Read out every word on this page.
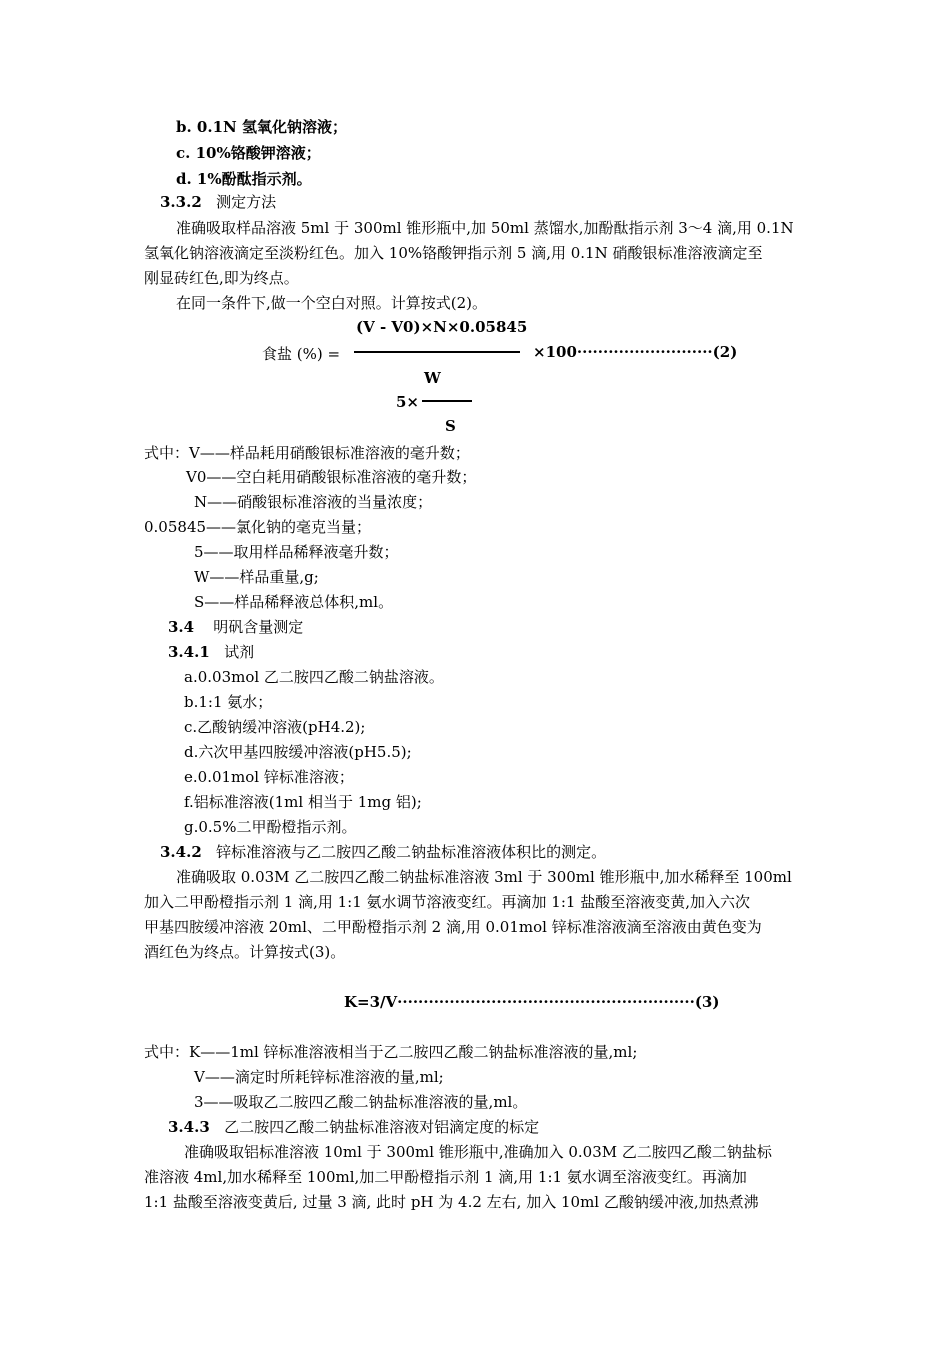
b. 0.1N 氢氧化钠溶液；
c. 10%铬酸钾溶液；
d. 1%酚酞指示剂。
3.3.2 测定方法
准确吸取样品溶液 5ml 于 300ml 锥形瓶中,加 50ml 蒸馏水,加酚酞指示剂 3～4 滴,用 0.1N
氢氧化钠溶液滴定至淡粉红色。加入 10%铬酸钾指示剂 5 滴,用 0.1N 硝酸银标准溶液滴定至
刚显砖红色,即为终点。
在同一条件下,做一个空白对照。计算按式(2)。
(V - V0)×N×0.05845
食盐 (%) =	×100··························(2)
W
5×
S
式中：V——样品耗用硝酸银标准溶液的毫升数；
V0——空白耗用硝酸银标准溶液的毫升数；
N——硝酸银标准溶液的当量浓度；
0.05845——氯化钠的毫克当量；
5——取用样品稀释液毫升数；
W——样品重量,g;
S——样品稀释液总体积,ml。
3.4 明矾含量测定
3.4.1 试剂
a.0.03mol 乙二胺四乙酸二钠盐溶液。
b.1:1 氨水；
c.乙酸钠缓冲溶液(pH4.2);
d.六次甲基四胺缓冲溶液(pH5.5);
e.0.01mol 锌标准溶液；
f.铝标准溶液(1ml 相当于 1mg 铝);
g.0.5%二甲酚橙指示剂。
3.4.2 锌标准溶液与乙二胺四乙酸二钠盐标准溶液体积比的测定。
准确吸取 0.03M 乙二胺四乙酸二钠盐标准溶液 3ml 于 300ml 锥形瓶中,加水稀释至 100ml
加入二甲酚橙指示剂 1 滴,用 1:1 氨水调节溶液变红。再滴加 1:1 盐酸至溶液变黄,加入六次
甲基四胺缓冲溶液 20ml、二甲酚橙指示剂 2 滴,用 0.01mol 锌标准溶液滴至溶液由黄色变为
酒红色为终点。计算按式(3)。
K=3/V·························································(3)
式中：K——1ml 锌标准溶液相当于乙二胺四乙酸二钠盐标准溶液的量,ml;
V——滴定时所耗锌标准溶液的量,ml;
3——吸取乙二胺四乙酸二钠盐标准溶液的量,ml。
3.4.3 乙二胺四乙酸二钠盐标准溶液对铝滴定度的标定
准确吸取铝标准溶液 10ml 于 300ml 锥形瓶中,准确加入 0.03M 乙二胺四乙酸二钠盐标
准溶液 4ml,加水稀释至 100ml,加二甲酚橙指示剂 1 滴,用 1:1 氨水调至溶液变红。再滴加
1:1 盐酸至溶液变黄后, 过量 3 滴, 此时 pH 为 4.2 左右, 加入 10ml 乙酸钠缓冲液,加热煮沸
